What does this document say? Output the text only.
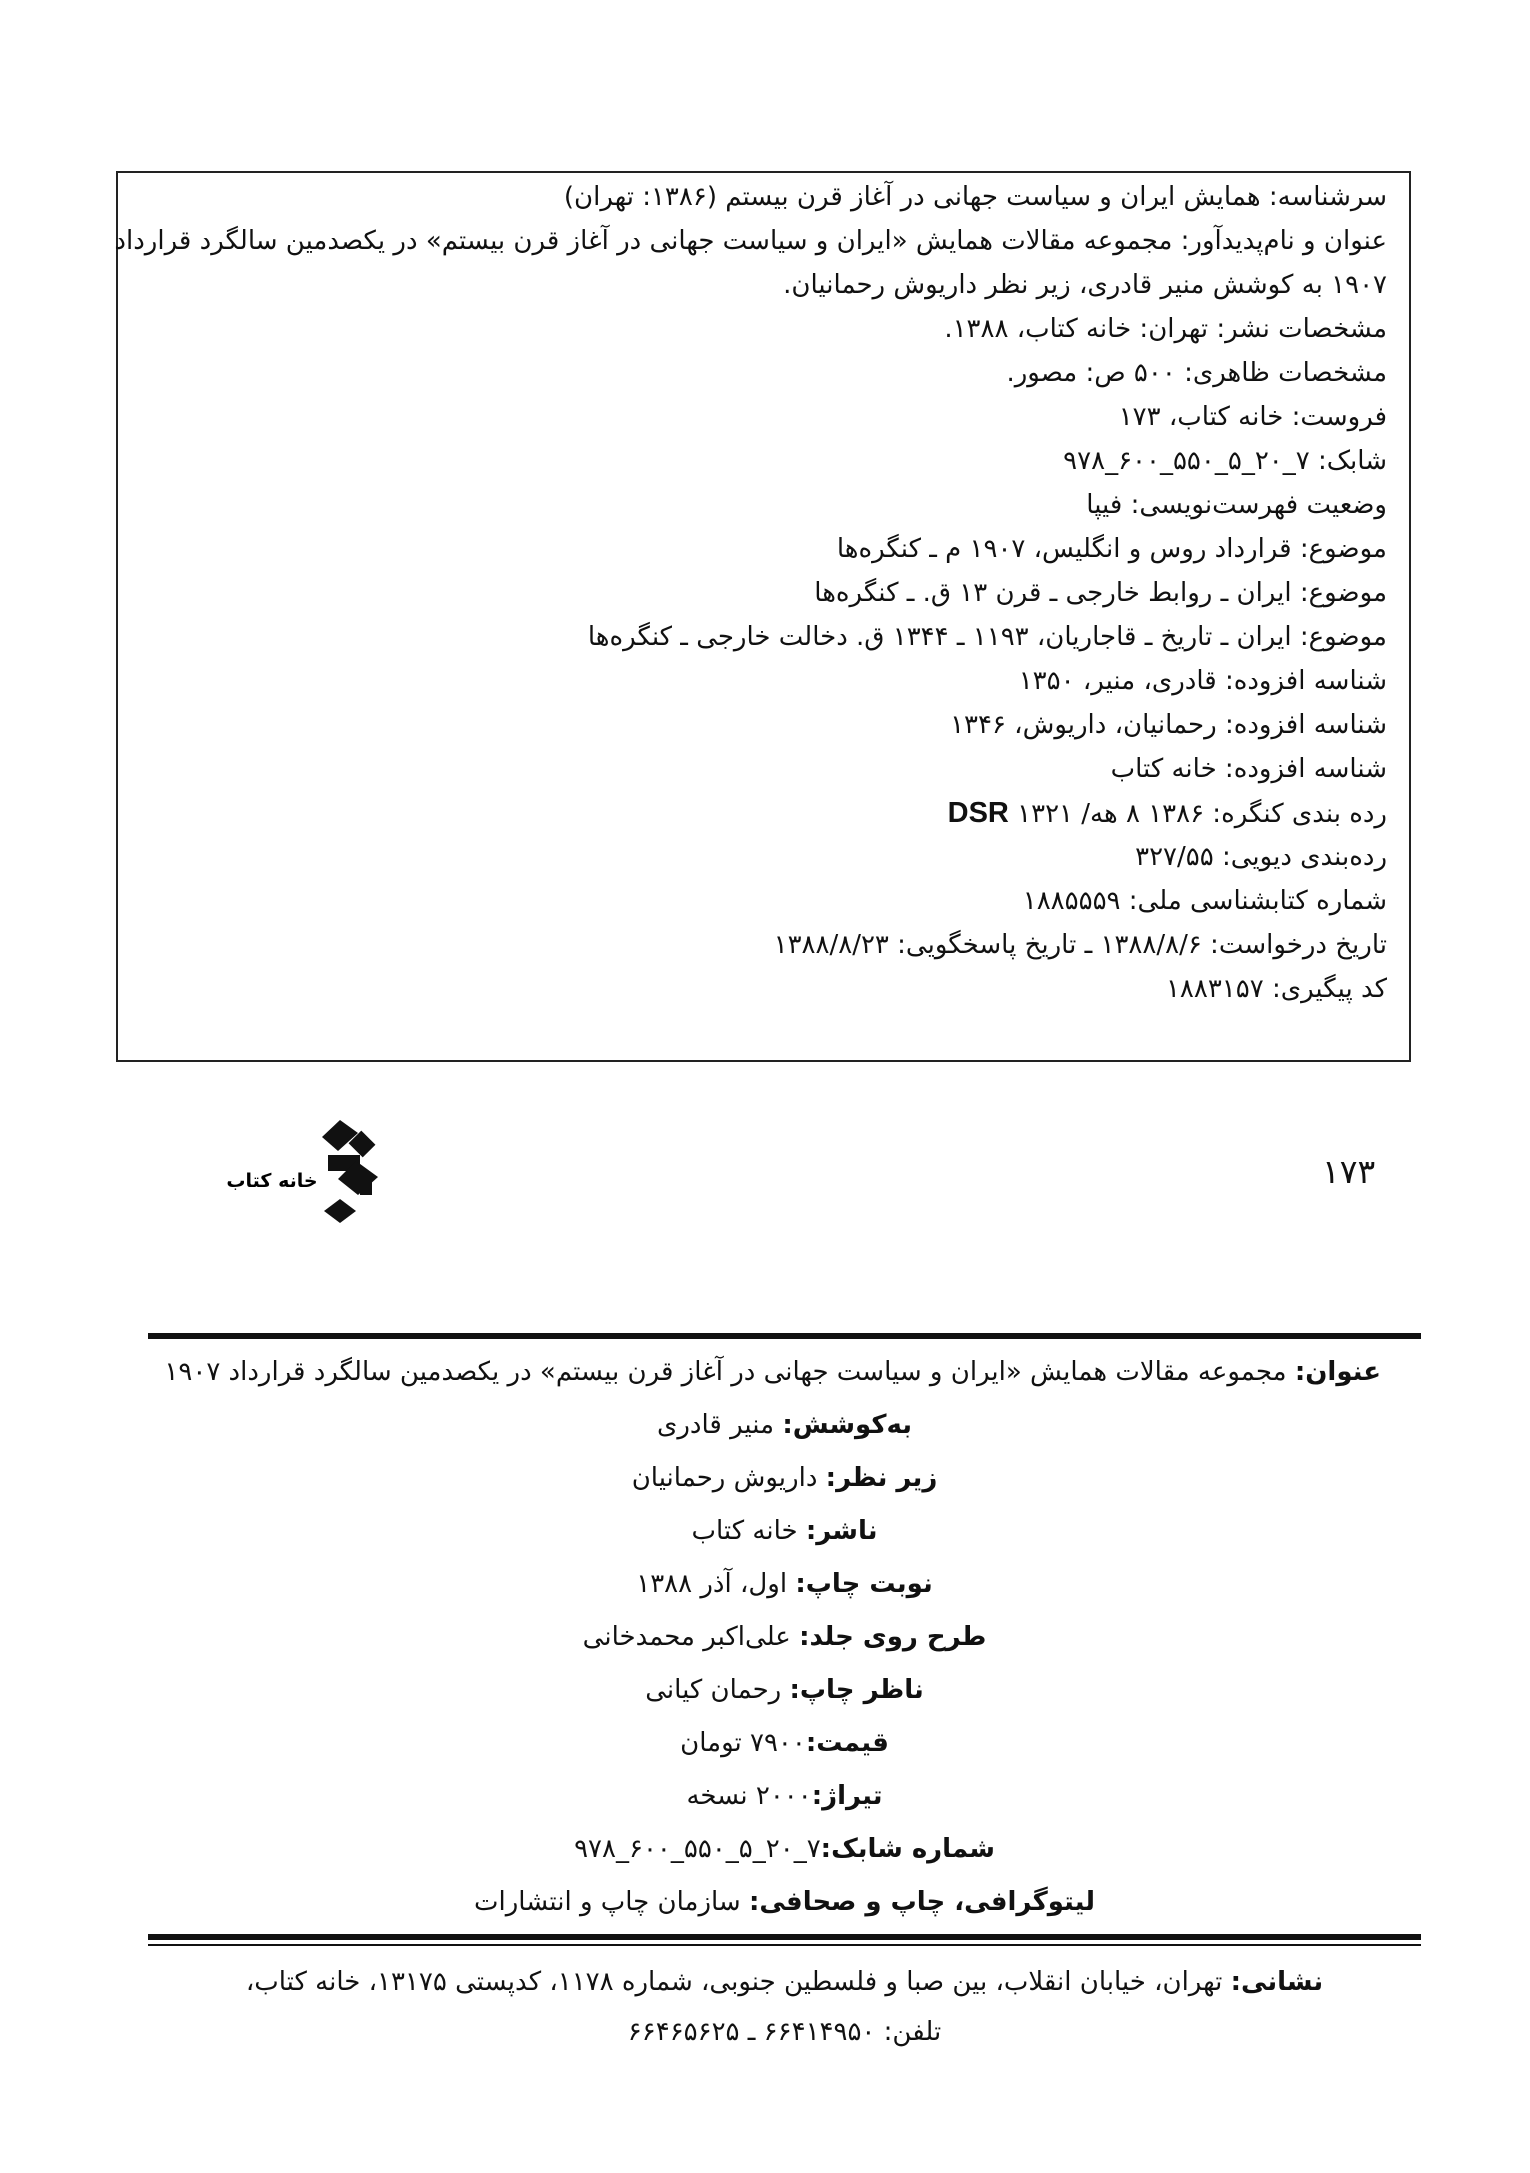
سرشناسه: همایش ایران و سیاست جهانی در آغاز قرن بیستم (۱۳۸۶: تهران)
عنوان و نام‌پدیدآور: مجموعه مقالات همایش «ایران و سیاست جهانی در آغاز قرن بیستم» در یکصدمین سالگرد قرارداد
۱۹۰۷ به کوشش منیر قادری، زیر نظر داریوش رحمانیان.
مشخصات نشر: تهران: خانه کتاب، ۱۳۸۸.
مشخصات ظاهری: ۵۰۰ ص: مصور.
فروست: خانه کتاب، ۱۷۳
شابک: ۷_۲۰_۵_۵۵۰_۶۰۰_۹۷۸
وضعیت فهرست‌نویسی: فیپا
موضوع: قرارداد روس و انگلیس، ۱۹۰۷ م ـ کنگره‌ها
موضوع: ایران ـ روابط خارجی ـ قرن ۱۳ ق. ـ کنگره‌ها
موضوع: ایران ـ تاریخ ـ قاجاریان، ۱۱۹۳ ـ ۱۳۴۴ ق. دخالت خارجی ـ کنگره‌ها
شناسه افزوده: قادری، منیر، ۱۳۵۰
شناسه افزوده: رحمانیان، داریوش، ۱۳۴۶
شناسه افزوده: خانه کتاب
رده بندی کنگره: ۱۳۸۶ ۸ هه/ ۱۳۲۱ DSR
رده‌بندی دیویی: ۳۲۷/۵۵
شماره کتابشناسی ملی: ۱۸۸۵۵۵۹
تاریخ درخواست: ۱۳۸۸/۸/۶ ـ تاریخ پاسخگویی: ۱۳۸۸/۸/۲۳
کد پیگیری: ۱۸۸۳۱۵۷
۱۷۳
خانه کتاب
عنوان: مجموعه مقالات همایش «ایران و سیاست جهانی در آغاز قرن بیستم» در یکصدمین سالگرد قرارداد ۱۹۰۷
به‌کوشش: منیر قادری
زیر نظر: داریوش رحمانیان
ناشر: خانه کتاب
نوبت چاپ: اول، آذر ۱۳۸۸
طرح روی جلد: علی‌اکبر محمدخانی
ناظر چاپ: رحمان کیانی
قیمت:۷۹۰۰ تومان
تیراژ:۲۰۰۰ نسخه
شماره شابک:۷_۲۰_۵_۵۵۰_۶۰۰_۹۷۸
لیتوگرافی، چاپ و صحافی: سازمان چاپ و انتشارات
نشانی: تهران، خیابان انقلاب، بین صبا و فلسطین جنوبی، شماره ۱۱۷۸، کدپستی ۱۳۱۷۵، خانه کتاب،
تلفن: ۶۶۴۱۴۹۵۰ ـ ۶۶۴۶۵۶۲۵
